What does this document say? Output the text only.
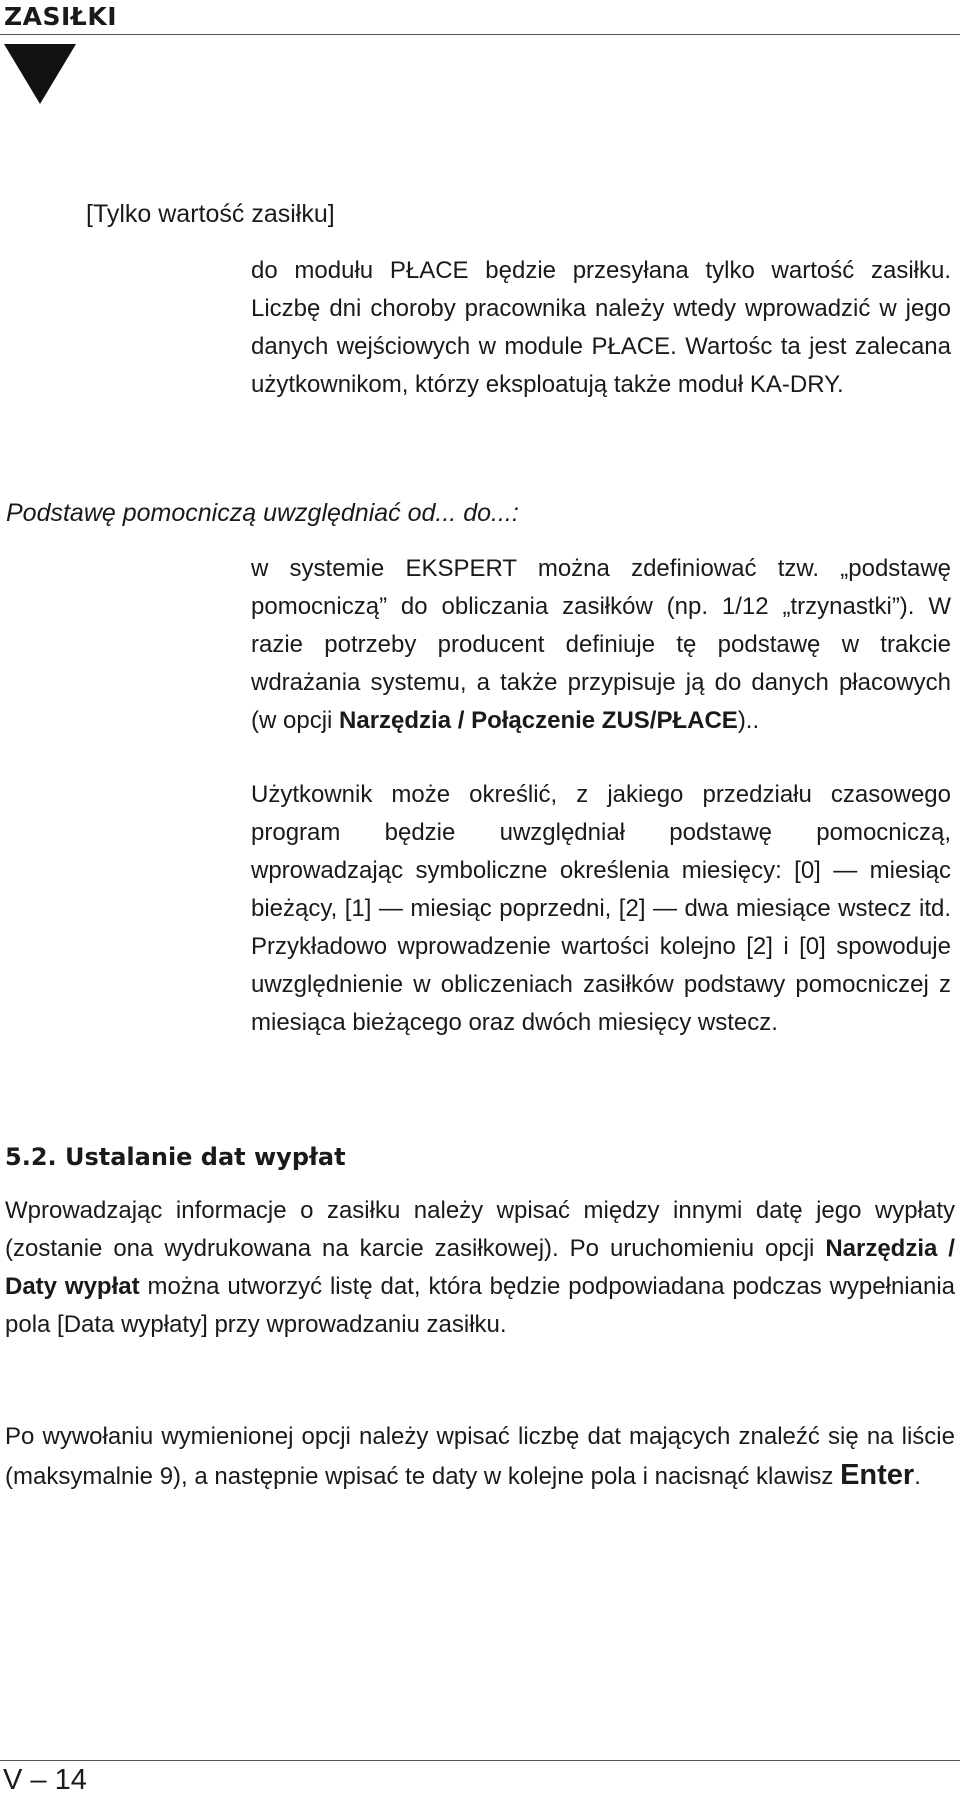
ZASIŁKI
[Tylko wartość zasiłku]

do modułu PŁACE będzie przesyłana tylko wartość zasiłku. Liczbę dni choroby pracownika należy wtedy wprowadzić w jego danych wejściowych w module PŁACE. Wartośc ta jest zalecana użytkownikom, którzy eksploatują także moduł KA-DRY.

Podstawę pomocniczą uwzględniać od... do...:

w systemie EKSPERT można zdefiniować tzw. „podstawę pomocniczą” do obliczania zasiłków (np. 1/12 „trzynastki”). W razie potrzeby producent definiuje tę podstawę w trakcie wdrażania systemu, a także przypisuje ją do danych płacowych (w opcji Narzędzia / Połączenie ZUS/PŁACE)..

Użytkownik może określić, z jakiego przedziału czasowego program będzie uwzględniał podstawę pomocniczą, wprowadzając symboliczne określenia miesięcy: [0] — miesiąc bieżący, [1] — miesiąc poprzedni, [2] — dwa miesiące wstecz itd. Przykładowo wprowadzenie wartości kolejno [2] i [0] spowoduje uwzględnienie w obliczeniach zasiłków podstawy pomocniczej z miesiąca bieżącego oraz dwóch miesięcy wstecz.

5.2. Ustalanie dat wypłat

Wprowadzając informacje o zasiłku należy wpisać między innymi datę jego wypłaty (zostanie ona wydrukowana na karcie zasiłkowej). Po uruchomieniu opcji Narzędzia / Daty wypłat można utworzyć listę dat, która będzie podpowiadana podczas wypełniania pola [Data wypłaty] przy wprowadzaniu zasiłku.

Po wywołaniu wymienionej opcji należy wpisać liczbę dat mających znaleźć się na liście (maksymalnie 9), a następnie wpisać te daty w kolejne pola i nacisnąć klawisz Enter.

V – 14
